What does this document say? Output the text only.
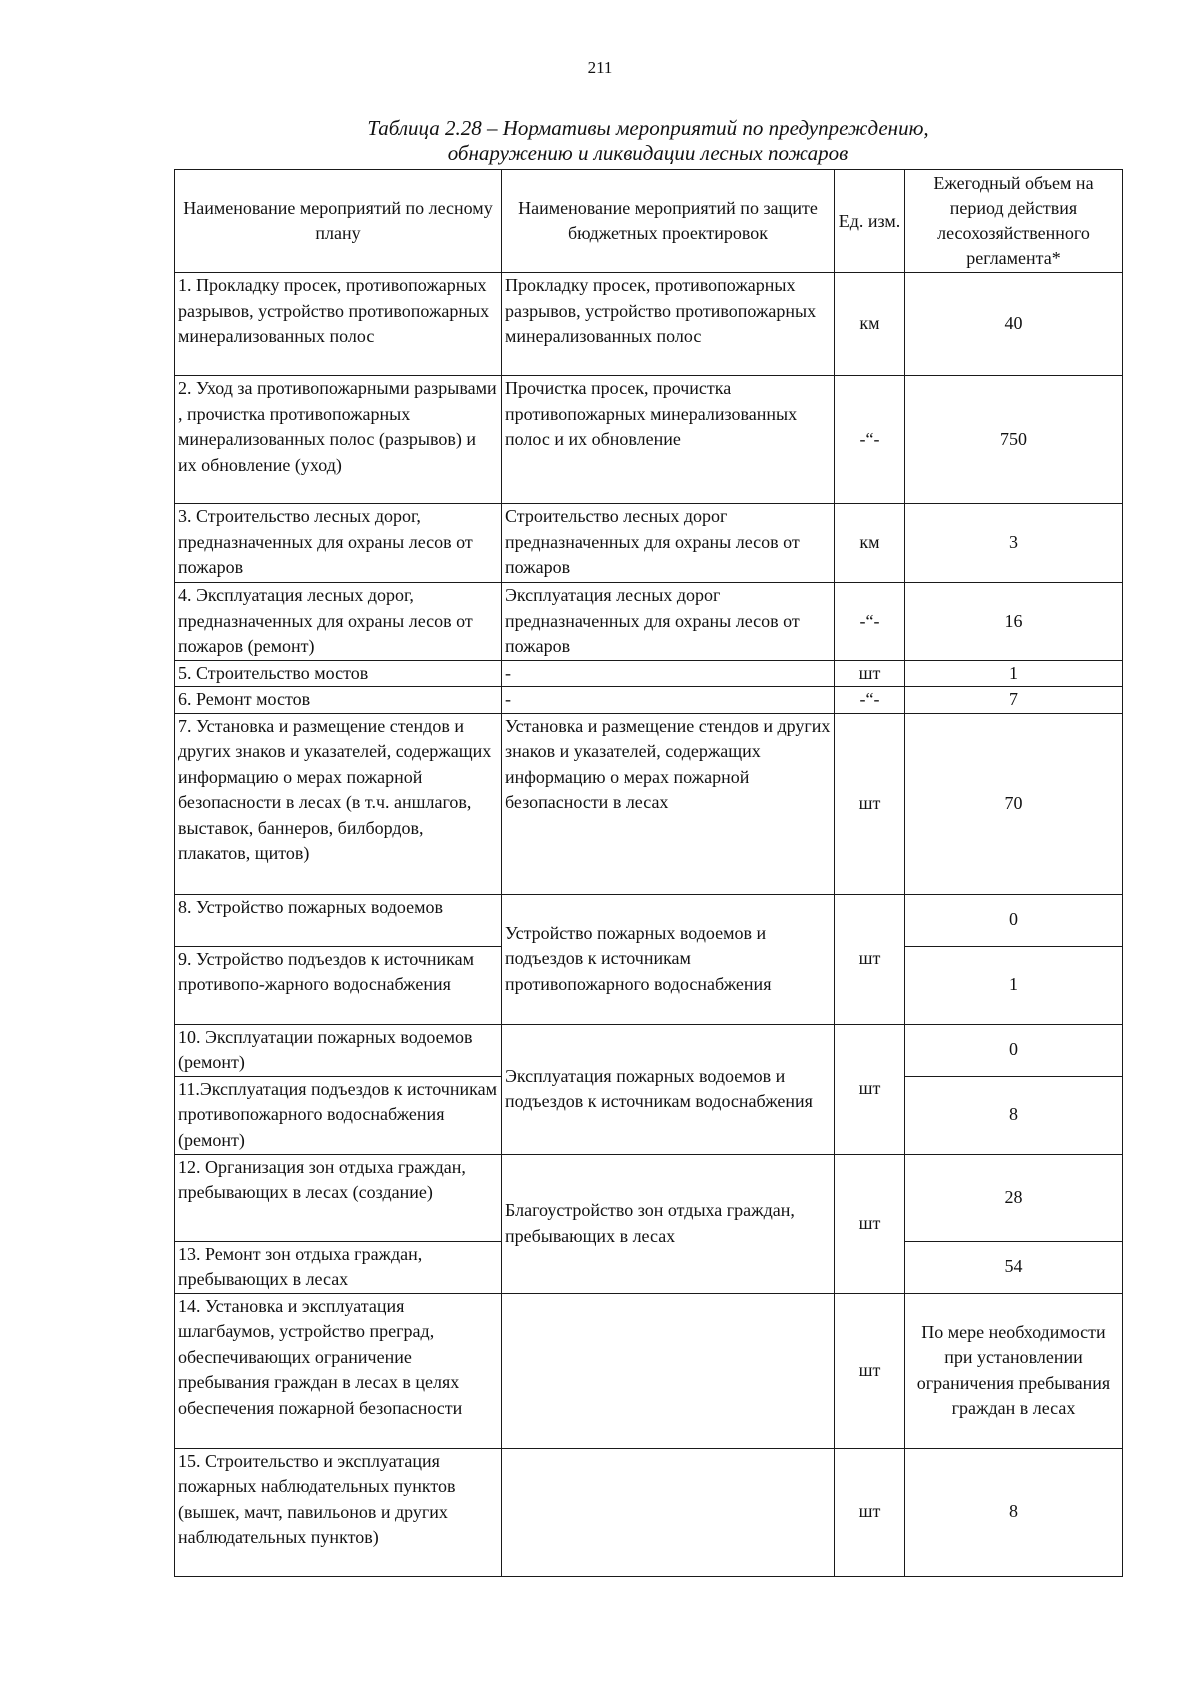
211
Таблица 2.28 – Нормативы мероприятий по предупреждению,
обнаружению и ликвидации лесных пожаров
Наименование мероприятий по лесному плану	Наименование мероприятий по защите бюджетных проектировок	Ед. изм.	Ежегодный объем на период действия лесохозяйственного регламента*
1. Прокладку просек, противопожарных разрывов, устройство противопожарных минерализованных полос	Прокладку просек, противопожарных разрывов, устройство противопожарных минерализованных полос	км	40
2. Уход за противопожарными разрывами , прочистка противопожарных минерализованных полос (разрывов) и их обновление (уход)	Прочистка просек, прочистка противопожарных минерализованных полос и их обновление	-“-	750
3. Строительство лесных дорог, предназначенных для охраны лесов от пожаров	Строительство лесных дорог предназначенных для охраны лесов от пожаров	км	3
4. Эксплуатация лесных дорог, предназначенных для охраны лесов от пожаров (ремонт)	Эксплуатация лесных дорог предназначенных для охраны лесов от пожаров	-“-	16
5. Строительство мостов	-	шт	1
6. Ремонт мостов	-	-“-	7
7. Установка и размещение стендов и других знаков и указателей, содержащих информацию о мерах пожарной безопасности в лесах (в т.ч. аншлагов, выставок, баннеров, билбордов, плакатов, щитов)	Установка и размещение стендов и других знаков и указателей, содержащих информацию о мерах пожарной безопасности в лесах	шт	70
8. Устройство пожарных водоемов	Устройство пожарных водоемов и подъездов к источникам противопожарного водоснабжения	шт	0
9. Устройство подъездов к источникам противопо-жарного водоснабжения			1
10. Эксплуатации пожарных водоемов (ремонт)	Эксплуатация пожарных водоемов и подъездов к источникам водоснабжения	шт	0
11.Эксплуатация подъездов к источникам противопожарного водоснабжения (ремонт)			8
12. Организация зон отдыха граждан, пребывающих в лесах (создание)	Благоустройство зон отдыха граждан, пребывающих в лесах	шт	28
13. Ремонт зон отдыха граждан, пребывающих в лесах			54
14. Установка и эксплуатация шлагбаумов, устройство преград, обеспечивающих ограничение пребывания граждан в лесах в целях обеспечения пожарной безопасности		шт	По мере необходимости при установлении ограничения пребывания граждан в лесах
15. Строительство и эксплуатация пожарных наблюдательных пунктов (вышек, мачт, павильонов и других наблюдательных пунктов)		шт	8
